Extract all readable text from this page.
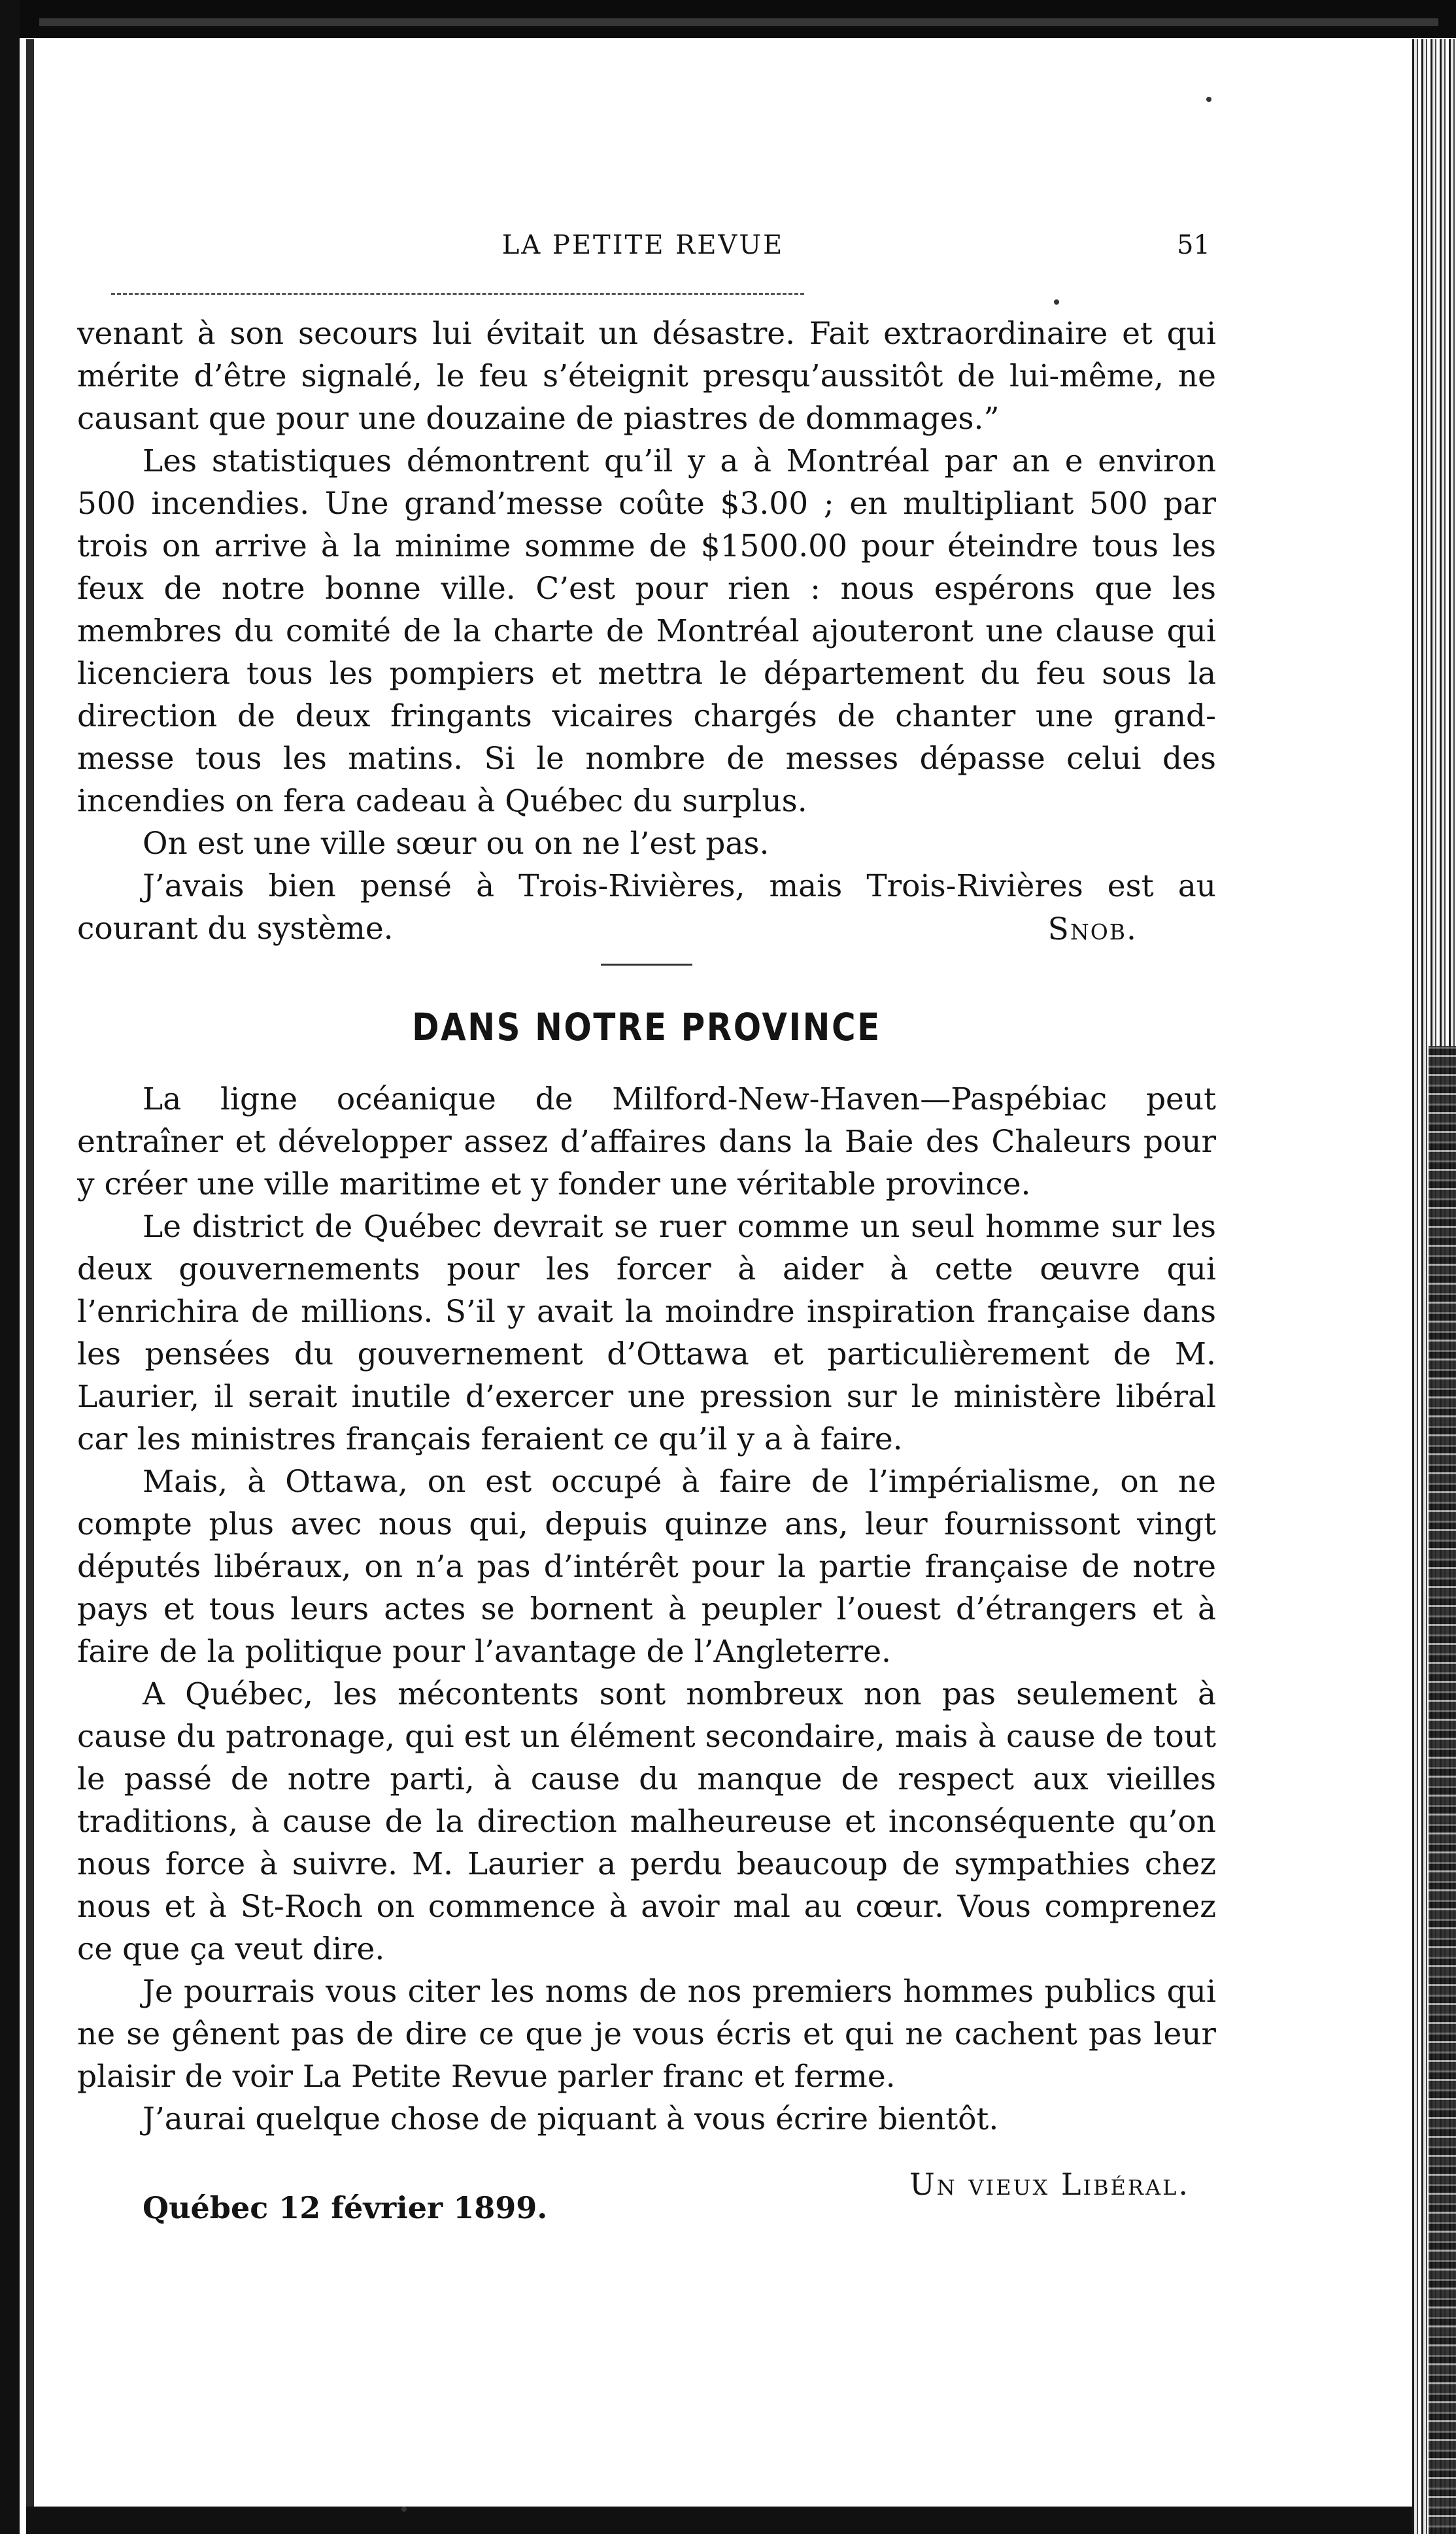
LA PETITE REVUE	51

venant à son secours lui évitait un désastre. Fait extraordinaire et qui mérite d’être signalé, le feu s’éteignit presqu’aussitôt de lui-même, ne causant que pour une douzaine de piastres de dommages.”

Les statistiques démontrent qu’il y a à Montréal par an e environ 500 incendies. Une grand’messe coûte $3.00 ; en multipliant 500 par trois on arrive à la minime somme de $1500.00 pour éteindre tous les feux de notre bonne ville. C’est pour rien : nous espérons que les membres du comité de la charte de Montréal ajouteront une clause qui licenciera tous les pompiers et mettra le département du feu sous la direction de deux fringants vicaires chargés de chanter une grand-messe tous les matins. Si le nombre de messes dépasse celui des incendies on fera cadeau à Québec du surplus.

On est une ville sœur ou on ne l’est pas.

J’avais bien pensé à Trois-Rivières, mais Trois-Rivières est au courant du système.	Snob.
DANS NOTRE PROVINCE

La ligne océanique de Milford-New-Haven—Paspébiac peut entraîner et développer assez d’affaires dans la Baie des Chaleurs pour y créer une ville maritime et y fonder une véritable province.

Le district de Québec devrait se ruer comme un seul homme sur les deux gouvernements pour les forcer à aider à cette œuvre qui l’enrichira de millions. S’il y avait la moindre inspiration française dans les pensées du gouvernement d’Ottawa et particulièrement de M. Laurier, il serait inutile d’exercer une pression sur le ministère libéral car les ministres français feraient ce qu’il y a à faire.

Mais, à Ottawa, on est occupé à faire de l’impérialisme, on ne compte plus avec nous qui, depuis quinze ans, leur fournissont vingt députés libéraux, on n’a pas d’intérêt pour la partie française de notre pays et tous leurs actes se bornent à peupler l’ouest d’étrangers et à faire de la politique pour l’avantage de l’Angleterre.

A Québec, les mécontents sont nombreux non pas seulement à cause du patronage, qui est un élément secondaire, mais à cause de tout le passé de notre parti, à cause du manque de respect aux vieilles traditions, à cause de la direction malheureuse et inconséquente qu’on nous force à suivre. M. Laurier a perdu beaucoup de sympathies chez nous et à St-Roch on commence à avoir mal au cœur. Vous comprenez ce que ça veut dire.

Je pourrais vous citer les noms de nos premiers hommes publics qui ne se gênent pas de dire ce que je vous écris et qui ne cachent pas leur plaisir de voir La Petite Revue parler franc et ferme.

J’aurai quelque chose de piquant à vous écrire bientôt.

Québec 12 février 1899.
Un vieux Libéral.
